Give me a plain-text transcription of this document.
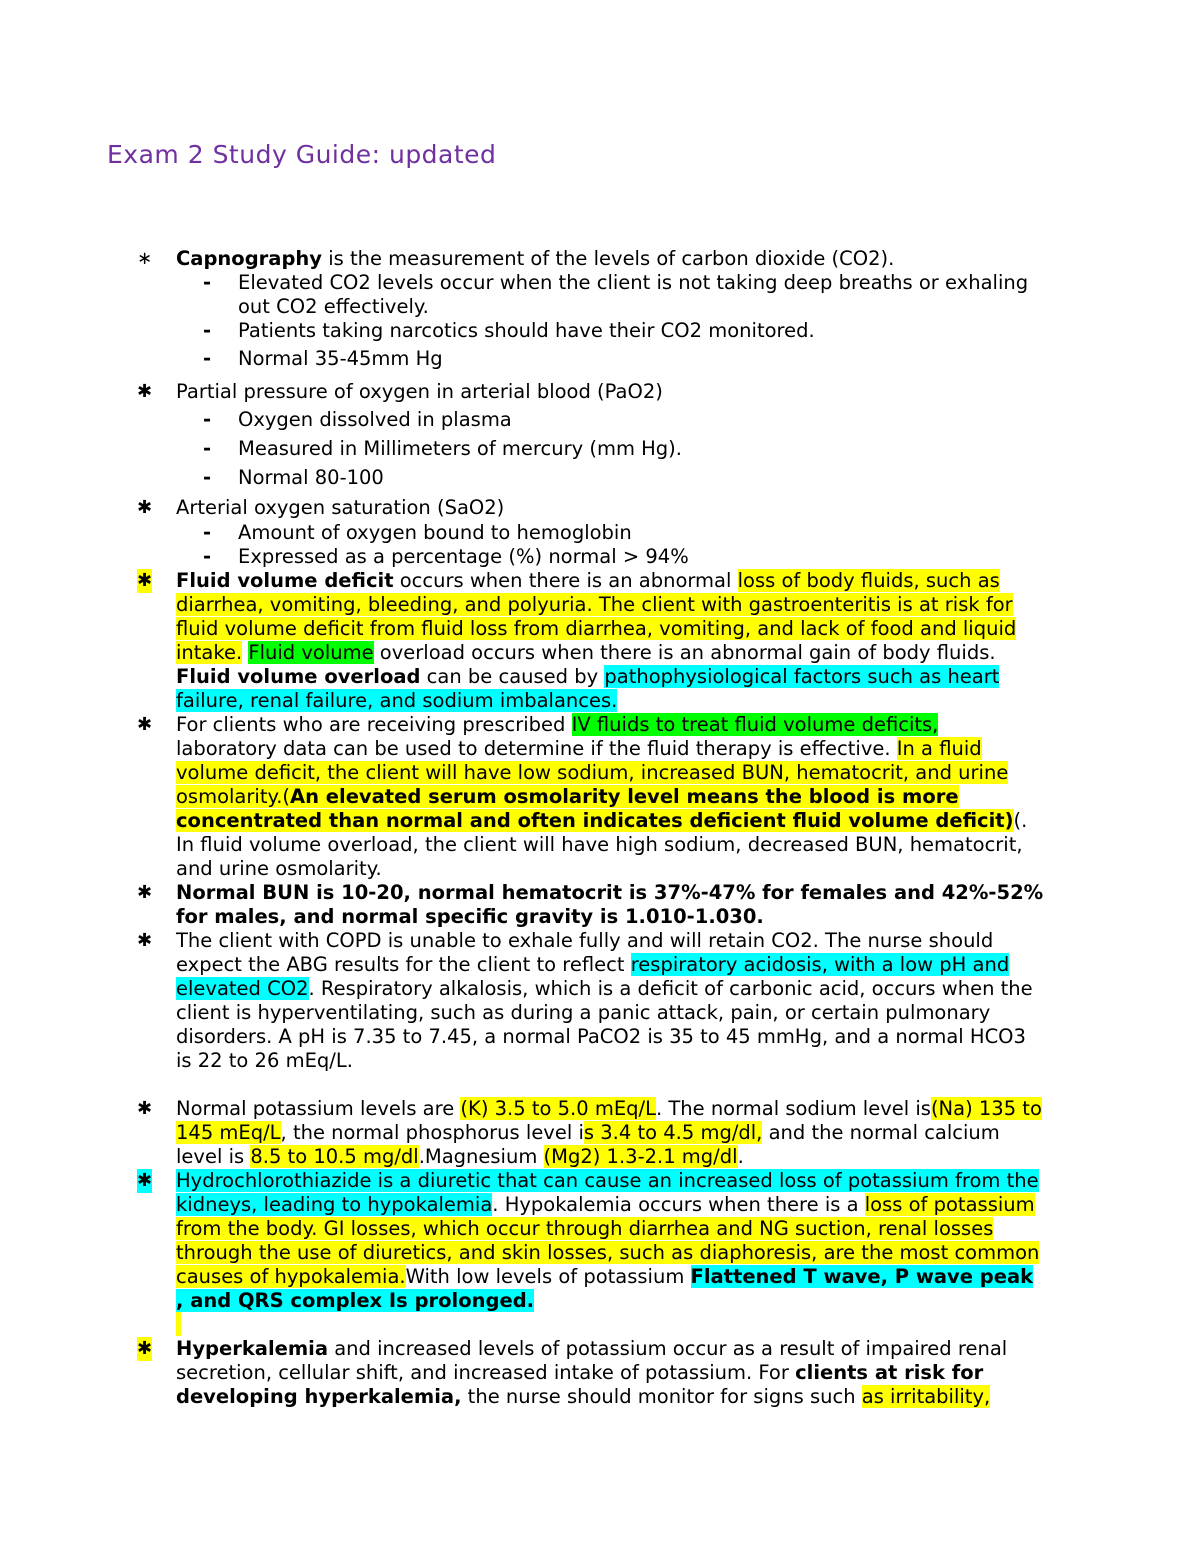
Exam 2 Study Guide: updated
∗ Capnography is the measurement of the levels of carbon dioxide (CO2).
- Elevated CO2 levels occur when the client is not taking deep breaths or exhaling
out CO2 effectively.
- Patients taking narcotics should have their CO2 monitored.
- Normal 35-45mm Hg
✱ Partial pressure of oxygen in arterial blood (PaO2)
- Oxygen dissolved in plasma
- Measured in Millimeters of mercury (mm Hg).
- Normal 80-100
✱ Arterial oxygen saturation (SaO2)
- Amount of oxygen bound to hemoglobin
- Expressed as a percentage (%) normal > 94%
✱ Fluid volume deficit occurs when there is an abnormal loss of body fluids, such as
diarrhea, vomiting, bleeding, and polyuria. The client with gastroenteritis is at risk for
fluid volume deficit from fluid loss from diarrhea, vomiting, and lack of food and liquid
intake. Fluid volume overload occurs when there is an abnormal gain of body fluids.
Fluid volume overload can be caused by pathophysiological factors such as heart
failure, renal failure, and sodium imbalances.
✱ For clients who are receiving prescribed IV fluids to treat fluid volume deficits,
laboratory data can be used to determine if the fluid therapy is effective. In a fluid
volume deficit, the client will have low sodium, increased BUN, hematocrit, and urine
osmolarity.(An elevated serum osmolarity level means the blood is more
concentrated than normal and often indicates deficient fluid volume deficit)(.
In fluid volume overload, the client will have high sodium, decreased BUN, hematocrit,
and urine osmolarity.
✱ Normal BUN is 10-20, normal hematocrit is 37%-47% for females and 42%-52%
for males, and normal specific gravity is 1.010-1.030.
✱ The client with COPD is unable to exhale fully and will retain CO2. The nurse should
expect the ABG results for the client to reflect respiratory acidosis, with a low pH and
elevated CO2. Respiratory alkalosis, which is a deficit of carbonic acid, occurs when the
client is hyperventilating, such as during a panic attack, pain, or certain pulmonary
disorders. A pH is 7.35 to 7.45, a normal PaCO2 is 35 to 45 mmHg, and a normal HCO3
is 22 to 26 mEq/L.
✱ Normal potassium levels are (K) 3.5 to 5.0 mEq/L. The normal sodium level is(Na) 135 to
145 mEq/L, the normal phosphorus level is 3.4 to 4.5 mg/dl, and the normal calcium
level is 8.5 to 10.5 mg/dl.Magnesium (Mg2) 1.3-2.1 mg/dl.
✱ Hydrochlorothiazide is a diuretic that can cause an increased loss of potassium from the
kidneys, leading to hypokalemia. Hypokalemia occurs when there is a loss of potassium
from the body. GI losses, which occur through diarrhea and NG suction, renal losses
through the use of diuretics, and skin losses, such as diaphoresis, are the most common
causes of hypokalemia.With low levels of potassium Flattened T wave, P wave peak
, and QRS complex Is prolonged.
✱ Hyperkalemia and increased levels of potassium occur as a result of impaired renal
secretion, cellular shift, and increased intake of potassium. For clients at risk for
developing hyperkalemia, the nurse should monitor for signs such as irritability,
